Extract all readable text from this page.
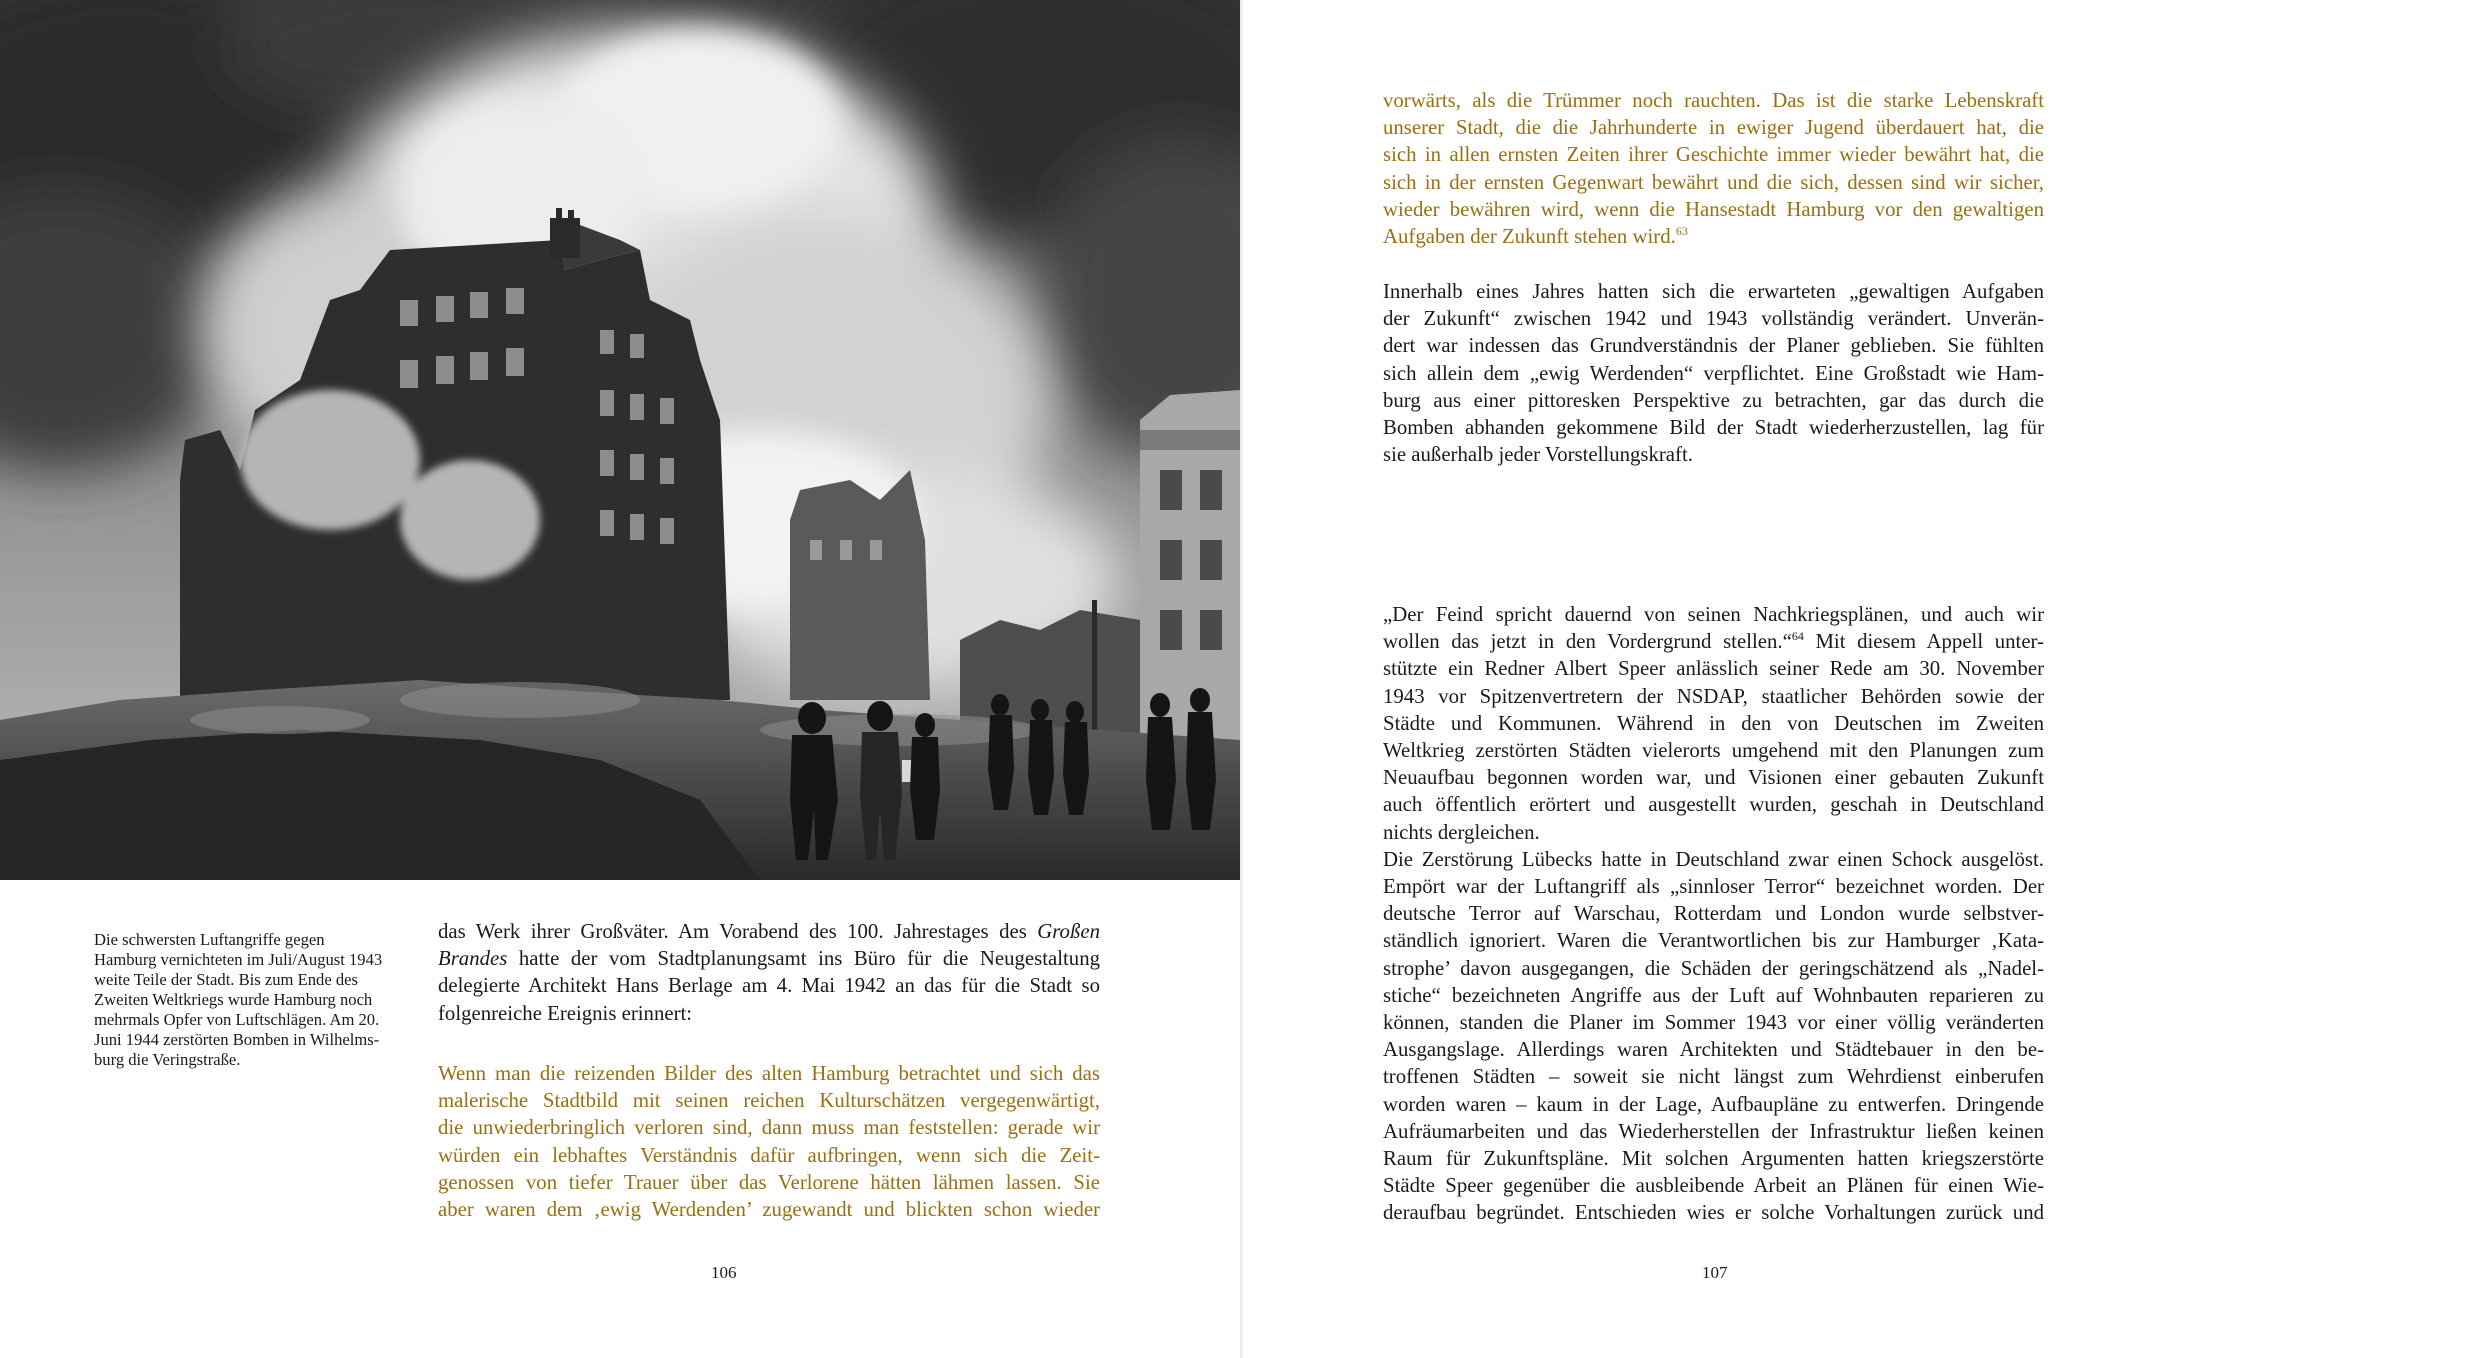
Die schwersten Luftangriffe gegen
Hamburg vernichteten im Juli/August 1943
weite Teile der Stadt. Bis zum Ende des
Zweiten Weltkriegs wurde Hamburg noch
mehrmals Opfer von Luftschlägen. Am 20.
Juni 1944 zerstörten Bomben in Wilhelms-
burg die Veringstraße.
das Werk ihrer Großväter. Am Vorabend des 100. Jahrestages des Großen
Brandes hatte der vom Stadtplanungsamt ins Büro für die Neugestaltung
delegierte Architekt Hans Berlage am 4. Mai 1942 an das für die Stadt so
folgenreiche Ereignis erinnert:
Wenn man die reizenden Bilder des alten Hamburg betrachtet und sich das
malerische Stadtbild mit seinen reichen Kulturschätzen vergegenwärtigt,
die unwiederbringlich verloren sind, dann muss man feststellen: gerade wir
würden ein lebhaftes Verständnis dafür aufbringen, wenn sich die Zeit-
genossen von tiefer Trauer über das Verlorene hätten lähmen lassen. Sie
aber waren dem ‚ewig Werdenden’ zugewandt und blickten schon wieder
106
vorwärts, als die Trümmer noch rauchten. Das ist die starke Lebenskraft
unserer Stadt, die die Jahrhunderte in ewiger Jugend überdauert hat, die
sich in allen ernsten Zeiten ihrer Geschichte immer wieder bewährt hat, die
sich in der ernsten Gegenwart bewährt und die sich, dessen sind wir sicher,
wieder bewähren wird, wenn die Hansestadt Hamburg vor den gewaltigen
Aufgaben der Zukunft stehen wird.$^{63}$
Innerhalb eines Jahres hatten sich die erwarteten „gewaltigen Aufgaben
der Zukunft“ zwischen 1942 und 1943 vollständig verändert. Unverän-
dert war indessen das Grundverständnis der Planer geblieben. Sie fühlten
sich allein dem „ewig Werdenden“ verpflichtet. Eine Großstadt wie Ham-
burg aus einer pittoresken Perspektive zu betrachten, gar das durch die
Bomben abhanden gekommene Bild der Stadt wiederherzustellen, lag für
sie außerhalb jeder Vorstellungskraft.
„Der Feind spricht dauernd von seinen Nachkriegsplänen, und auch wir
wollen das jetzt in den Vordergrund stellen.“$^{64}$ Mit diesem Appell unter-
stützte ein Redner Albert Speer anlässlich seiner Rede am 30. November
1943 vor Spitzenvertretern der NSDAP, staatlicher Behörden sowie der
Städte und Kommunen. Während in den von Deutschen im Zweiten
Weltkrieg zerstörten Städten vielerorts umgehend mit den Planungen zum
Neuaufbau begonnen worden war, und Visionen einer gebauten Zukunft
auch öffentlich erörtert und ausgestellt wurden, geschah in Deutschland
nichts dergleichen.
Die Zerstörung Lübecks hatte in Deutschland zwar einen Schock ausgelöst.
Empört war der Luftangriff als „sinnloser Terror“ bezeichnet worden. Der
deutsche Terror auf Warschau, Rotterdam und London wurde selbstver-
ständlich ignoriert. Waren die Verantwortlichen bis zur Hamburger ‚Kata-
strophe’ davon ausgegangen, die Schäden der geringschätzend als „Nadel-
stiche“ bezeichneten Angriffe aus der Luft auf Wohnbauten reparieren zu
können, standen die Planer im Sommer 1943 vor einer völlig veränderten
Ausgangslage. Allerdings waren Architekten und Städtebauer in den be-
troffenen Städten – soweit sie nicht längst zum Wehrdienst einberufen
worden waren – kaum in der Lage, Aufbaupläne zu entwerfen. Dringende
Aufräumarbeiten und das Wiederherstellen der Infrastruktur ließen keinen
Raum für Zukunftspläne. Mit solchen Argumenten hatten kriegszerstörte
Städte Speer gegenüber die ausbleibende Arbeit an Plänen für einen Wie-
deraufbau begründet. Entschieden wies er solche Vorhaltungen zurück und
107
